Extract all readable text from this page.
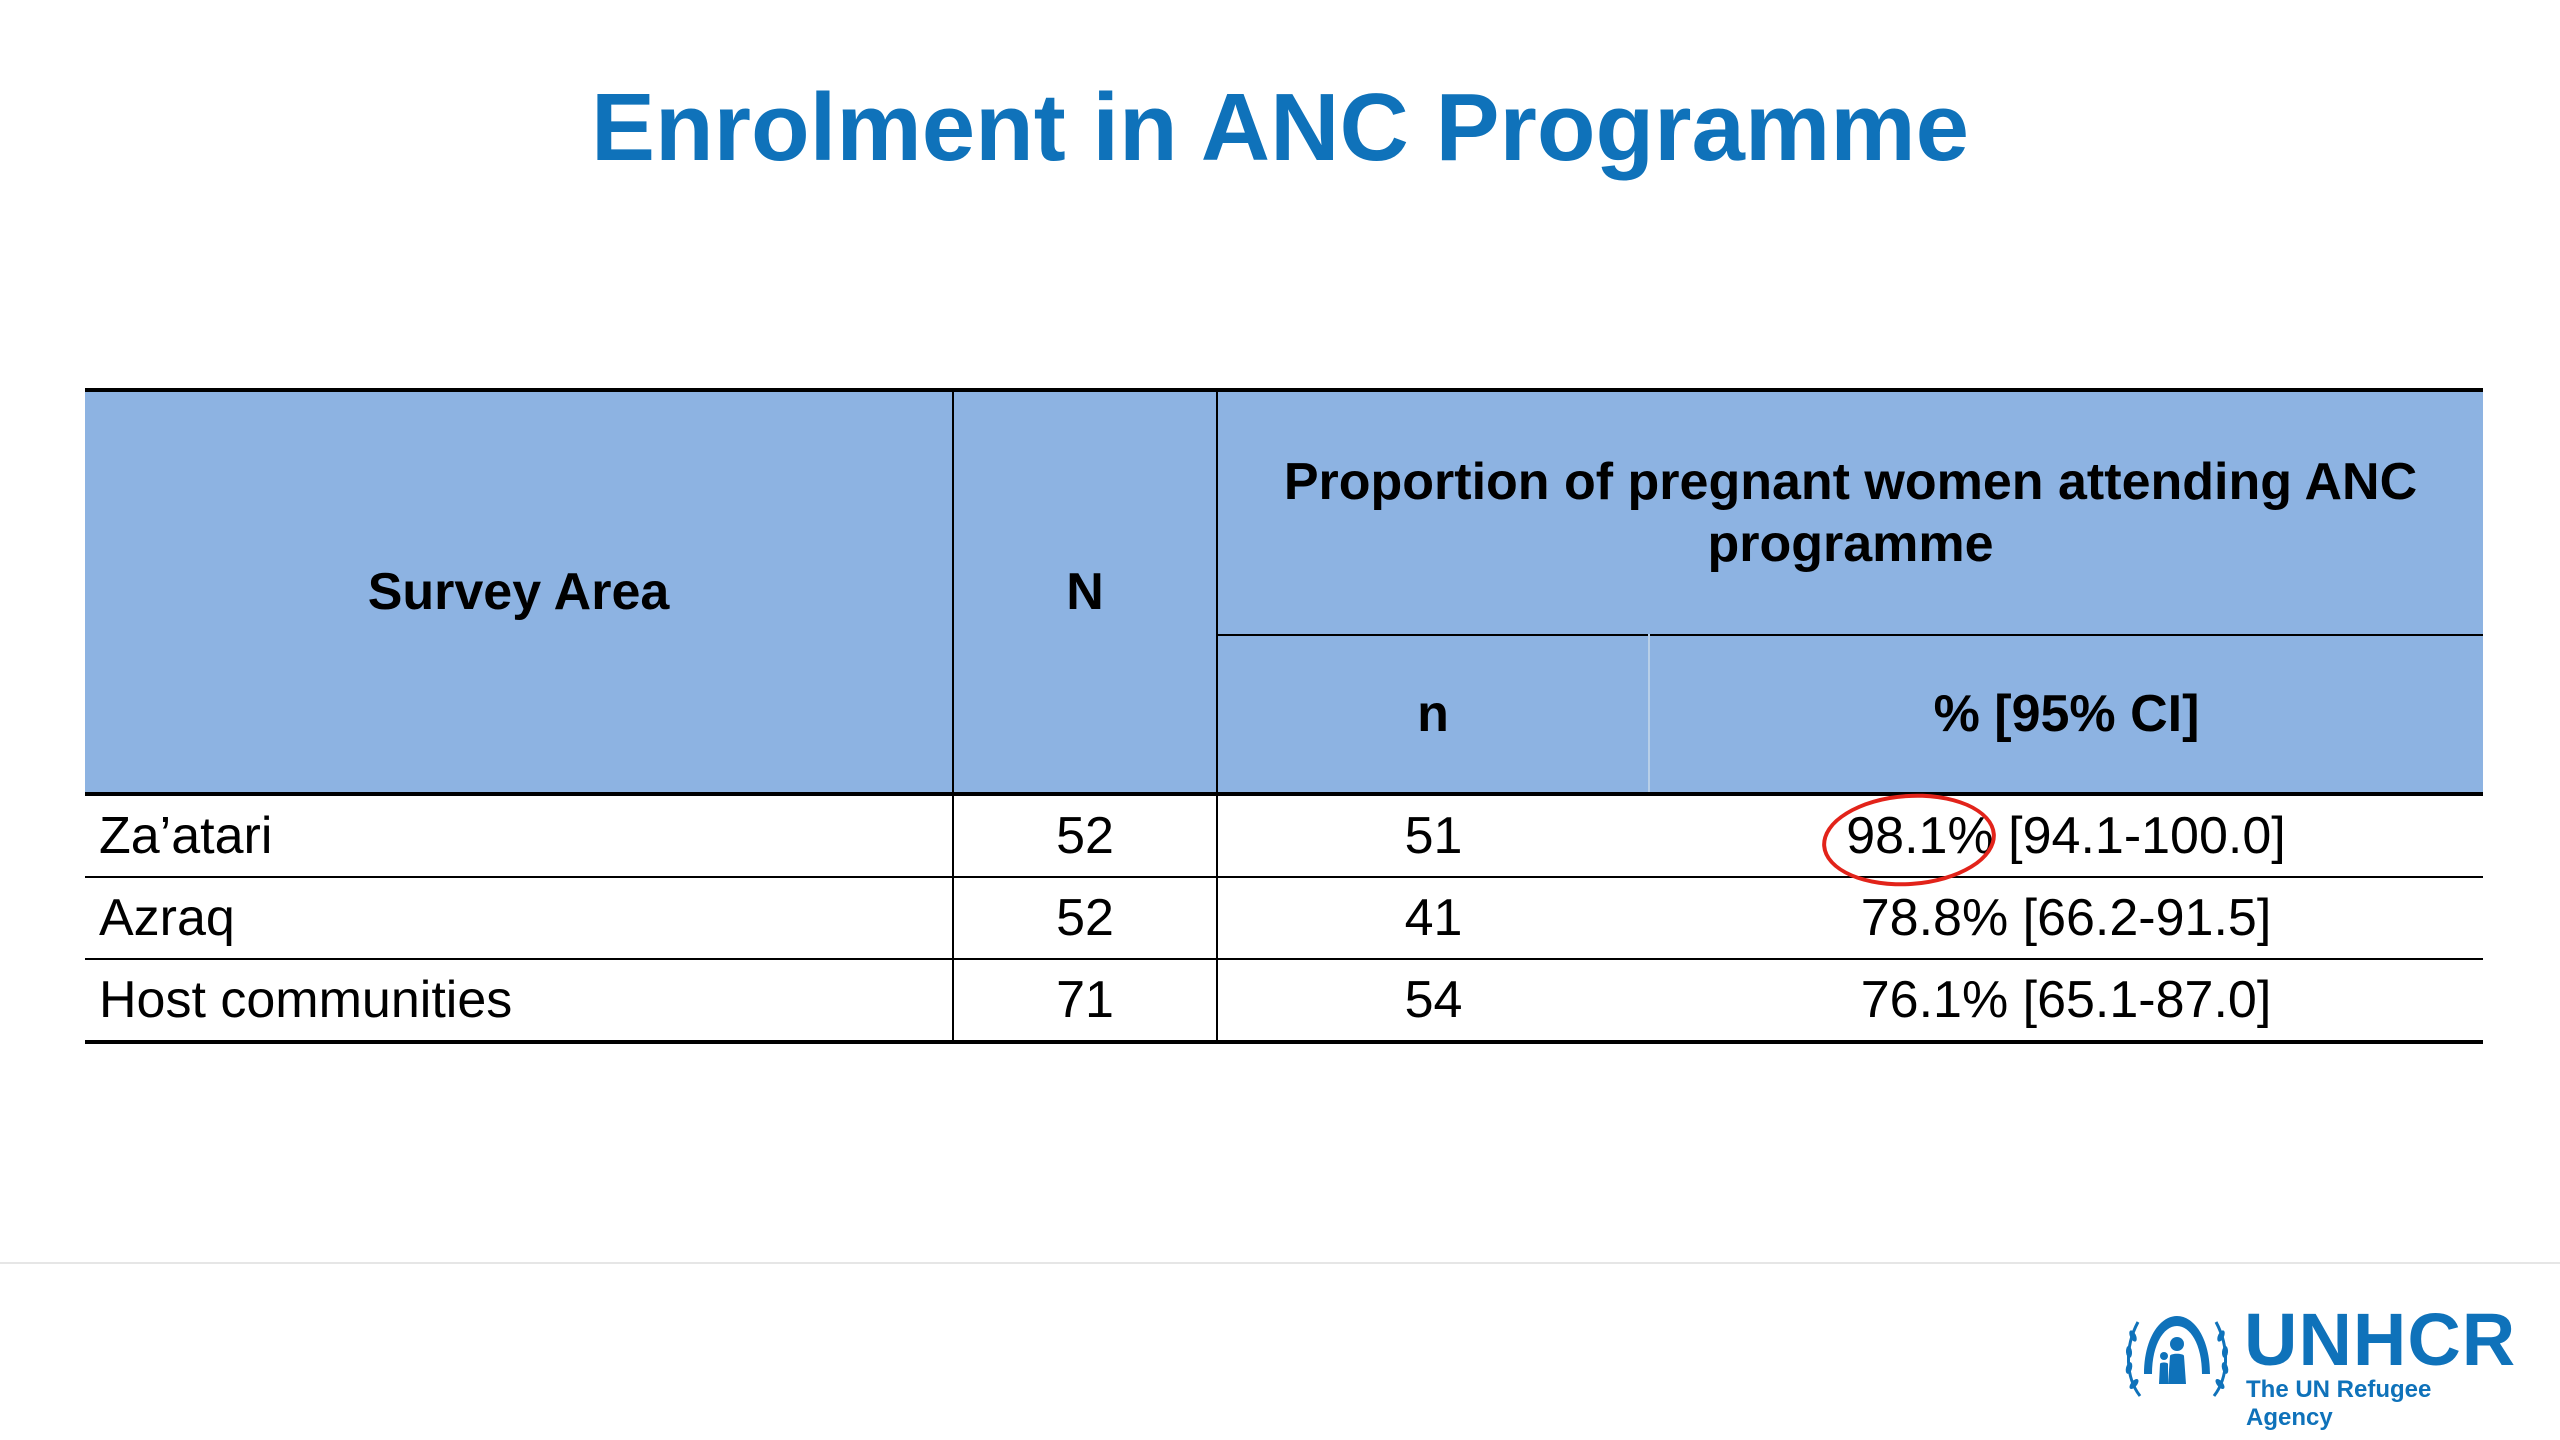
Enrolment in ANC Programme
Survey Area	N	Proportion of pregnant women attending ANC programme	
		n	% [95% CI]
Za’atari	52	51	98.1% [94.1-100.0]
Azraq	52	41	78.8% [66.2-91.5]
Host communities	71	54	76.1% [65.1-87.0]
UNHCR
The UN Refugee Agency
